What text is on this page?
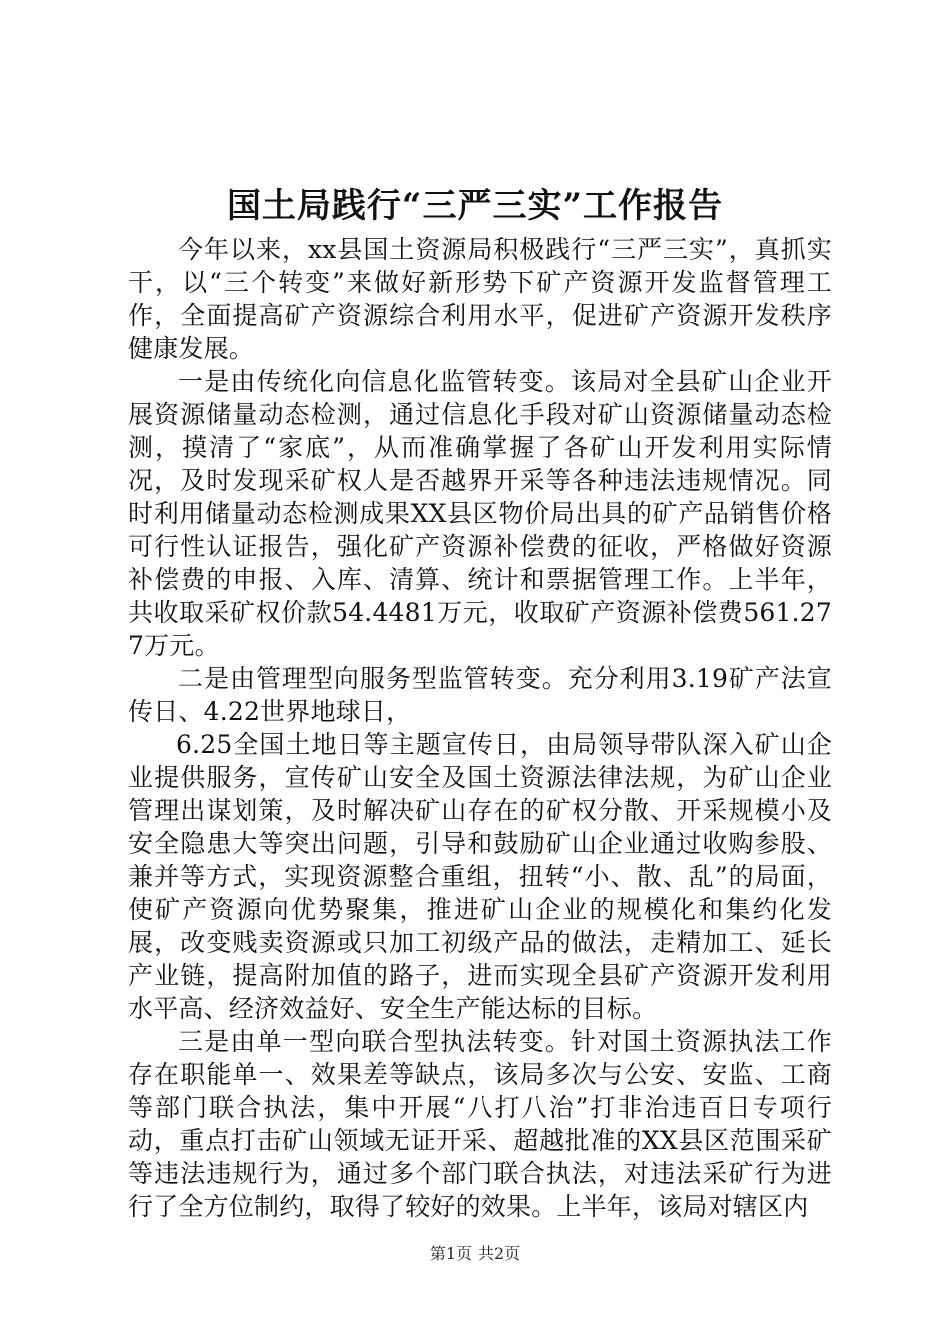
国土局践行“三严三实”工作报告

今年以来，xx县国土资源局积极践行“三严三实”，真抓实干，以“三个转变”来做好新形势下矿产资源开发监督管理工作，全面提高矿产资源综合利用水平，促进矿产资源开发秩序健康发展。

一是由传统化向信息化监管转变。该局对全县矿山企业开展资源储量动态检测，通过信息化手段对矿山资源储量动态检测，摸清了“家底”，从而准确掌握了各矿山开发利用实际情况，及时发现采矿权人是否越界开采等各种违法违规情况。同时利用储量动态检测成果XX县区物价局出具的矿产品销售价格可行性认证报告，强化矿产资源补偿费的征收，严格做好资源补偿费的申报、入库、清算、统计和票据管理工作。上半年，共收取采矿权价款54.4481万元，收取矿产资源补偿费561.277万元。

二是由管理型向服务型监管转变。充分利用3.19矿产法宣传日、4.22世界地球日，

6.25全国土地日等主题宣传日，由局领导带队深入矿山企业提供服务，宣传矿山安全及国土资源法律法规，为矿山企业管理出谋划策，及时解决矿山存在的矿权分散、开采规模小及安全隐患大等突出问题，引导和鼓励矿山企业通过收购参股、兼并等方式，实现资源整合重组，扭转“小、散、乱”的局面，使矿产资源向优势聚集，推进矿山企业的规模化和集约化发展，改变贱卖资源或只加工初级产品的做法，走精加工、延长产业链，提高附加值的路子，进而实现全县矿产资源开发利用水平高、经济效益好、安全生产能达标的目标。

三是由单一型向联合型执法转变。针对国土资源执法工作存在职能单一、效果差等缺点，该局多次与公安、安监、工商等部门联合执法，集中开展“八打八治”打非治违百日专项行动，重点打击矿山领域无证开采、超越批准的XX县区范围采矿等违法违规行为，通过多个部门联合执法，对违法采矿行为进行了全方位制约，取得了较好的效果。上半年，该局对辖区内

第1页 共2页
